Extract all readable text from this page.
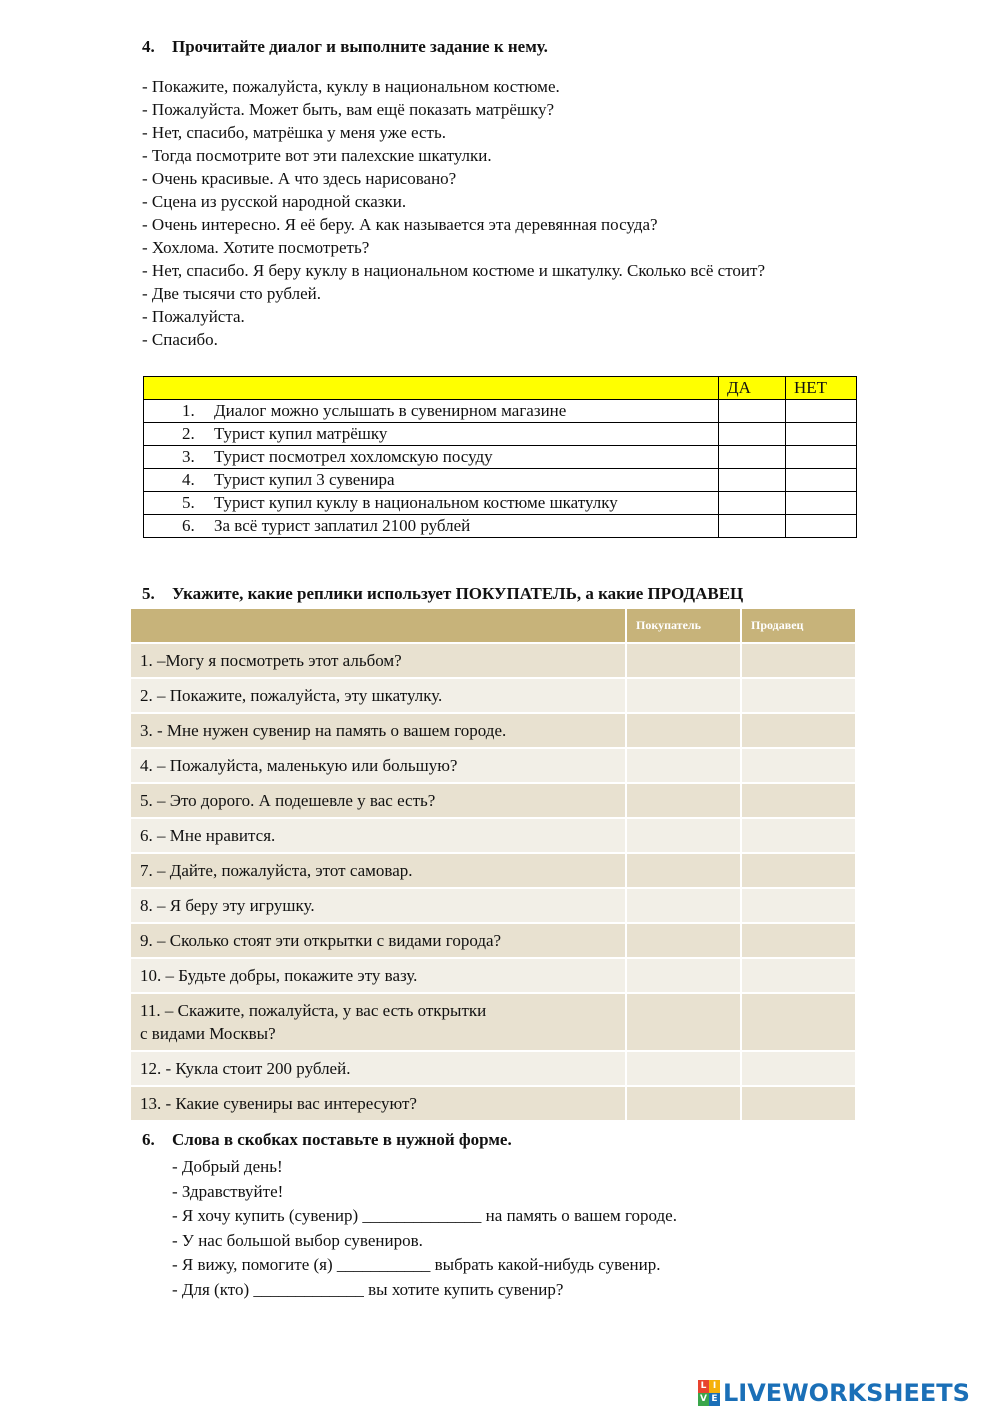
4. Прочитайте диалог и выполните задание к нему.
- Покажите, пожалуйста, куклу в национальном костюме.
- Пожалуйста. Может быть, вам ещё показать матрёшку?
- Нет, спасибо, матрёшка у меня уже есть.
- Тогда посмотрите вот эти палехские шкатулки.
- Очень красивые. А что здесь нарисовано?
- Сцена из русской народной сказки.
- Очень интересно. Я её беру. А как называется эта деревянная посуда?
- Хохлома. Хотите посмотреть?
- Нет, спасибо. Я беру куклу в национальном костюме и шкатулку. Сколько всё стоит?
- Две тысячи сто рублей.
- Пожалуйста.
- Спасибо.
	ДА	НЕТ
1. Диалог можно услышать в сувенирном магазине		
2. Турист купил матрёшку		
3. Турист посмотрел хохломскую посуду		
4. Турист купил 3 сувенира		
5. Турист купил куклу в национальном костюме шкатулку		
6. За всё турист заплатил 2100 рублей		
5. Укажите, какие реплики использует ПОКУПАТЕЛЬ, а какие ПРОДАВЕЦ
	Покупатель	Продавец
1. –Могу я посмотреть этот альбом?		
2. – Покажите, пожалуйста, эту шкатулку.		
3. - Мне нужен сувенир на память о вашем городе.		
4. – Пожалуйста, маленькую или большую?		
5. – Это дорого. А подешевле у вас есть?		
6. – Мне нравится.		
7. – Дайте, пожалуйста, этот самовар.		
8. – Я беру эту игрушку.		
9. – Сколько стоят эти открытки с видами города?		
10. – Будьте добры, покажите эту вазу.		
11. – Скажите, пожалуйста, у вас есть открытки с видами Москвы?		
12. - Кукла стоит 200 рублей.		
13. - Какие сувениры вас интересуют?		
6. Слова в скобках поставьте в нужной форме.
- Добрый день!
- Здравствуйте!
- Я хочу купить (сувенир) ______________ на память о вашем городе.
- У нас большой выбор сувениров.
- Я вижу, помогите (я) ___________ выбрать какой-нибудь сувенир.
- Для (кто) _____________ вы хотите купить сувенир?
L I
V E LIVEWORKSHEETS
